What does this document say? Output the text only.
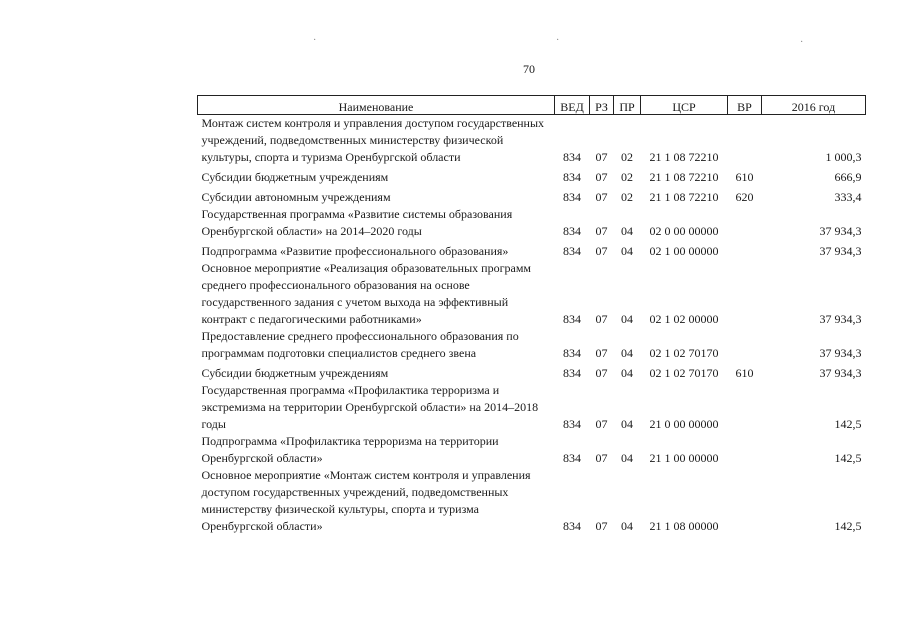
·	·	·
70
Наименование	ВЕД	РЗ	ПР	ЦСР	ВР	2016 год
Монтаж систем контроля и управления доступом государственных учреждений, подведомственных министерству физической культуры, спорта и туризма Оренбургской области	834	07	02	21 1 08 72210		1 000,3
Субсидии бюджетным учреждениям	834	07	02	21 1 08 72210	610	666,9
Субсидии автономным учреждениям	834	07	02	21 1 08 72210	620	333,4
Государственная программа «Развитие системы образования Оренбургской области» на 2014–2020 годы	834	07	04	02 0 00 00000		37 934,3
Подпрограмма «Развитие профессионального образования»	834	07	04	02 1 00 00000		37 934,3
Основное мероприятие «Реализация образовательных программ среднего профессионального образования на основе государственного задания с учетом выхода на эффективный контракт с педагогическими работниками»	834	07	04	02 1 02 00000		37 934,3
Предоставление среднего профессионального образования по программам подготовки специалистов среднего звена	834	07	04	02 1 02 70170		37 934,3
Субсидии бюджетным учреждениям	834	07	04	02 1 02 70170	610	37 934,3
Государственная программа «Профилактика терроризма и экстремизма на территории Оренбургской области» на 2014–2018 годы	834	07	04	21 0 00 00000		142,5
Подпрограмма «Профилактика терроризма на территории Оренбургской области»	834	07	04	21 1 00 00000		142,5
Основное мероприятие «Монтаж систем контроля и управления доступом государственных учреждений, подведомственных министерству физической культуры, спорта и туризма Оренбургской области»	834	07	04	21 1 08 00000		142,5
